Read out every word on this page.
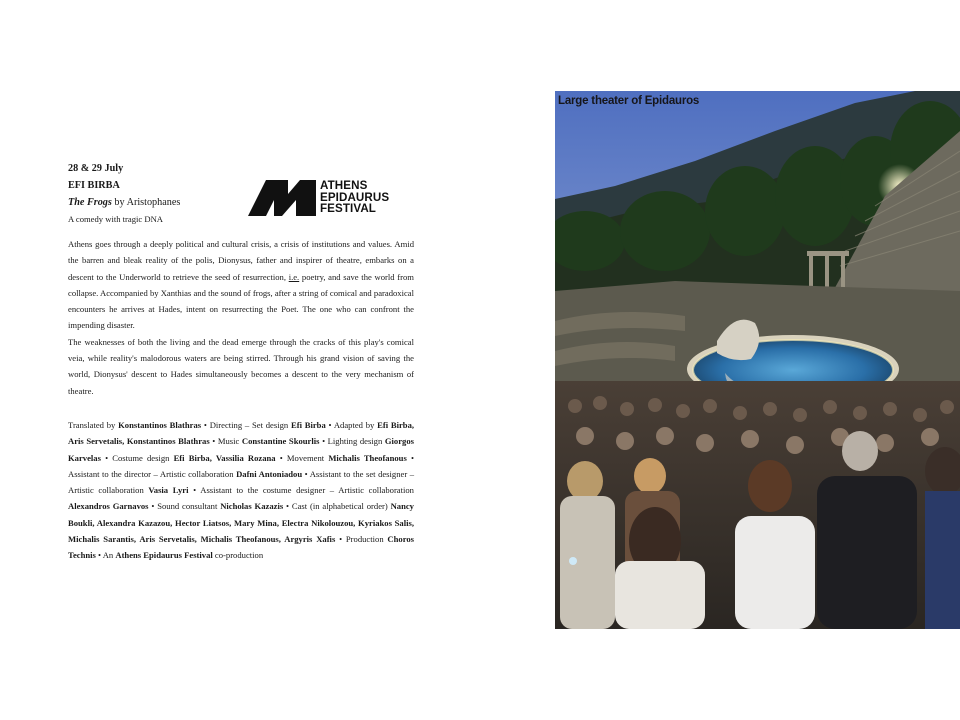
28 & 29 July

EFI BIRBA

The Frogs by Aristophanes

A comedy with tragic DNA

Athens goes through a deeply political and cultural crisis, a crisis of institutions and values. Amid the barren and bleak reality of the polis, Dionysus, father and inspirer of theatre, embarks on a descent to the Underworld to retrieve the seed of resurrection, i.e. poetry, and save the world from collapse. Accompanied by Xanthias and the sound of frogs, after a string of comical and paradoxical encounters he arrives at Hades, intent on resurrecting the Poet. The one who can confront the impending disaster.

The weaknesses of both the living and the dead emerge through the cracks of this play's comical veia, while reality's malodorous waters are being stirred. Through his grand vision of saving the world, Dionysus' descent to Hades simultaneously becomes a descent to the very mechanism of theatre.

Translated by Konstantinos Blathras • Directing – Set design Efi Birba • Adapted by Efi Birba, Aris Servetalis, Konstantinos Blathras • Music Constantine Skourlis • Lighting design Giorgos Karvelas • Costume design Efi Birba, Vassilia Rozana • Movement Michalis Theofanous • Assistant to the director – Artistic collaboration Dafni Antoniadou • Assistant to the set designer – Artistic collaboration Vasia Lyri • Assistant to the costume designer – Artistic collaboration Alexandros Garnavos • Sound consultant Nicholas Kazazis • Cast (in alphabetical order) Nancy Boukli, Alexandra Kazazou, Hector Liatsos, Mary Mina, Electra Nikolouzou, Kyriakos Salis, Michalis Sarantis, Aris Servetalis, Michalis Theofanous, Argyris Xafis • Production Choros Technis • An Athens Epidaurus Festival co-production

ATHENS
EPIDAURUS
FESTIVAL
Large theater of Epidauros
